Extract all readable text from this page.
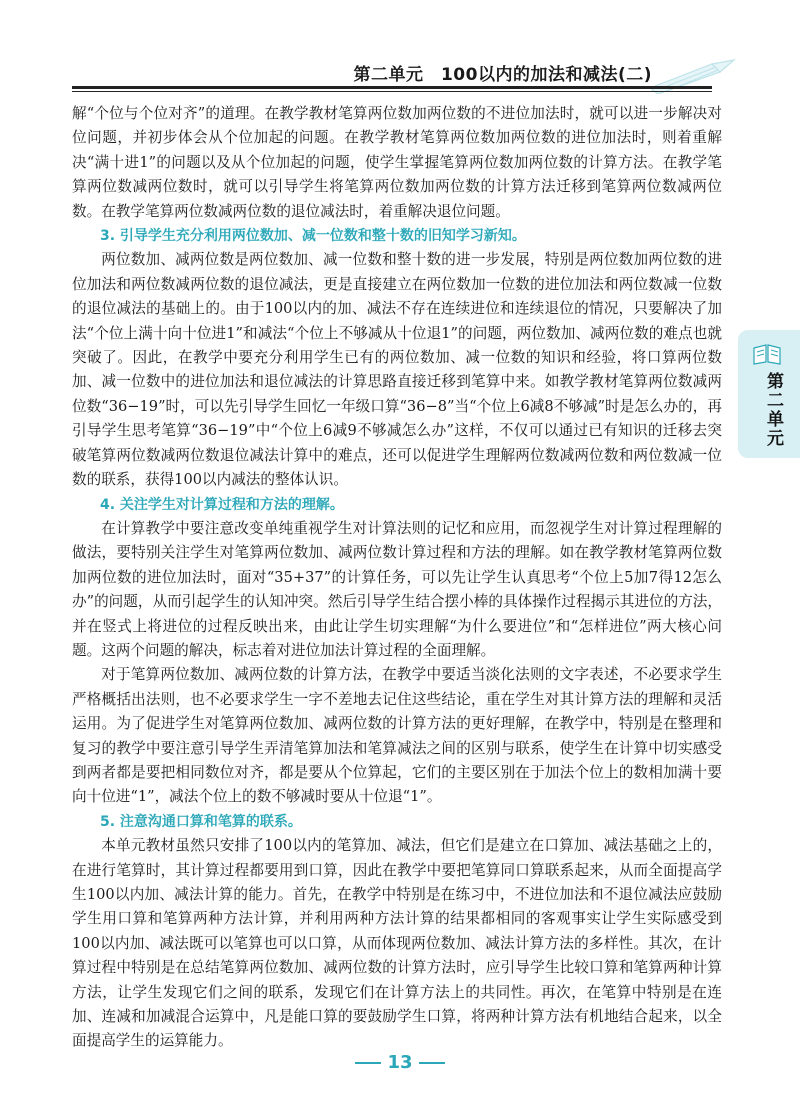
第二单元　100以内的加法和减法(二)
第二单元

解“个位与个位对齐”的道理。在教学教材笔算两位数加两位数的不进位加法时，就可以进一步解决对位问题，并初步体会从个位加起的问题。在教学教材笔算两位数加两位数的进位加法时，则着重解决“满十进1”的问题以及从个位加起的问题，使学生掌握笔算两位数加两位数的计算方法。在教学笔算两位数减两位数时，就可以引导学生将笔算两位数加两位数的计算方法迁移到笔算两位数减两位数。在教学笔算两位数减两位数的退位减法时，着重解决退位问题。

3. 引导学生充分利用两位数加、减一位数和整十数的旧知学习新知。

两位数加、减两位数是两位数加、减一位数和整十数的进一步发展，特别是两位数加两位数的进位加法和两位数减两位数的退位减法，更是直接建立在两位数加一位数的进位加法和两位数减一位数的退位减法的基础上的。由于100以内的加、减法不存在连续进位和连续退位的情况，只要解决了加法“个位上满十向十位进1”和减法“个位上不够减从十位退1”的问题，两位数加、减两位数的难点也就突破了。因此，在教学中要充分利用学生已有的两位数加、减一位数的知识和经验，将口算两位数加、减一位数中的进位加法和退位减法的计算思路直接迁移到笔算中来。如教学教材笔算两位数减两位数“36−19”时，可以先引导学生回忆一年级口算“36−8”当“个位上6减8不够减”时是怎么办的，再引导学生思考笔算“36−19”中“个位上6减9不够减怎么办”这样，不仅可以通过已有知识的迁移去突破笔算两位数减两位数退位减法计算中的难点，还可以促进学生理解两位数减两位数和两位数减一位数的联系，获得100以内减法的整体认识。

4. 关注学生对计算过程和方法的理解。

在计算教学中要注意改变单纯重视学生对计算法则的记忆和应用，而忽视学生对计算过程理解的做法，要特别关注学生对笔算两位数加、减两位数计算过程和方法的理解。如在教学教材笔算两位数加两位数的进位加法时，面对“35+37”的计算任务，可以先让学生认真思考“个位上5加7得12怎么办”的问题，从而引起学生的认知冲突。然后引导学生结合摆小棒的具体操作过程揭示其进位的方法，并在竖式上将进位的过程反映出来，由此让学生切实理解“为什么要进位”和“怎样进位”两大核心问题。这两个问题的解决，标志着对进位加法计算过程的全面理解。

对于笔算两位数加、减两位数的计算方法，在教学中要适当淡化法则的文字表述，不必要求学生严格概括出法则，也不必要求学生一字不差地去记住这些结论，重在学生对其计算方法的理解和灵活运用。为了促进学生对笔算两位数加、减两位数的计算方法的更好理解，在教学中，特别是在整理和复习的教学中要注意引导学生弄清笔算加法和笔算减法之间的区别与联系，使学生在计算中切实感受到两者都是要把相同数位对齐，都是要从个位算起，它们的主要区别在于加法个位上的数相加满十要向十位进“1”，减法个位上的数不够减时要从十位退“1”。

5. 注意沟通口算和笔算的联系。

本单元教材虽然只安排了100以内的笔算加、减法，但它们是建立在口算加、减法基础之上的，在进行笔算时，其计算过程都要用到口算，因此在教学中要把笔算同口算联系起来，从而全面提高学生100以内加、减法计算的能力。首先，在教学中特别是在练习中，不进位加法和不退位减法应鼓励学生用口算和笔算两种方法计算，并利用两种方法计算的结果都相同的客观事实让学生实际感受到100以内加、减法既可以笔算也可以口算，从而体现两位数加、减法计算方法的多样性。其次，在计算过程中特别是在总结笔算两位数加、减两位数的计算方法时，应引导学生比较口算和笔算两种计算方法，让学生发现它们之间的联系，发现它们在计算方法上的共同性。再次，在笔算中特别是在连加、连减和加减混合运算中，凡是能口算的要鼓励学生口算，将两种计算方法有机地结合起来，以全面提高学生的运算能力。

13
